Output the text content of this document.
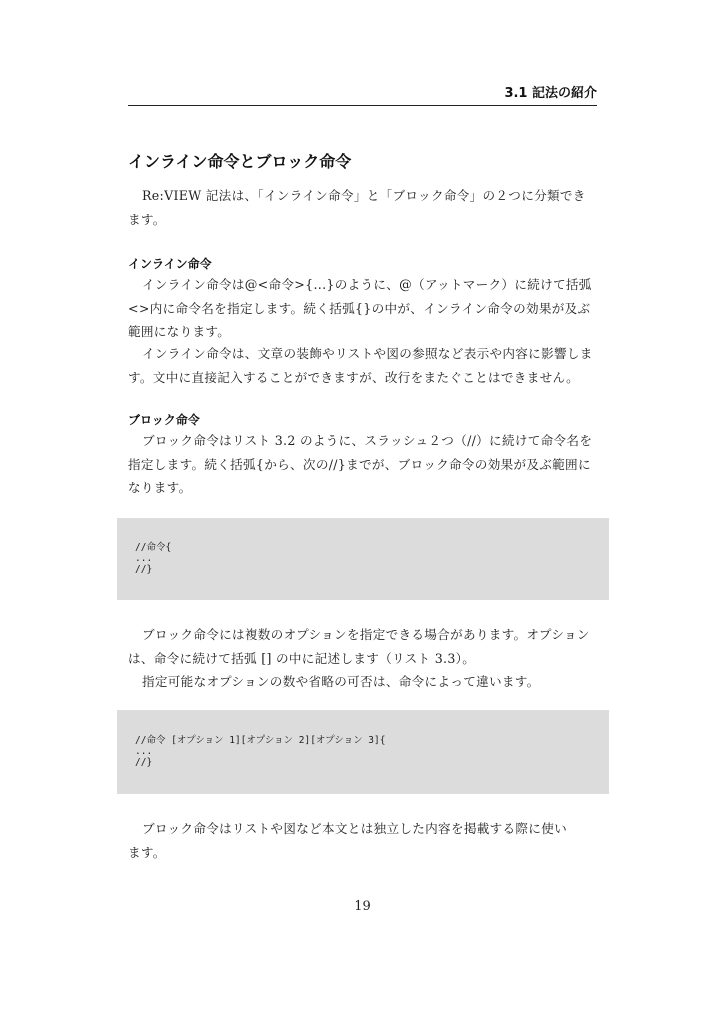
3.1 記法の紹介
インライン命令とブロック命令
Re:VIEW 記法は、「インライン命令」と「ブロック命令」の２つに分類でき
ます。
インライン命令
インライン命令は@<命令>{...}のように、@（アットマーク）に続けて括弧
<>内に命令名を指定します。続く括弧{}の中が、インライン命令の効果が及ぶ
範囲になります。
インライン命令は、文章の装飾やリストや図の参照など表示や内容に影響しま
す。文中に直接記入することができますが、改行をまたぐことはできません。
ブロック命令
ブロック命令はリスト 3.2 のように、スラッシュ２つ（//）に続けて命令名を
指定します。続く括弧{から、次の//}までが、ブロック命令の効果が及ぶ範囲に
なります。
//命令{
...
//}
ブロック命令には複数のオプションを指定できる場合があります。オプション
は、命令に続けて括弧 [] の中に記述します（リスト 3.3）。
指定可能なオプションの数や省略の可否は、命令によって違います。
//命令 [オプション 1][オプション 2][オプション 3]{
...
//}
ブロック命令はリストや図など本文とは独立した内容を掲載する際に使い
ます。
19
